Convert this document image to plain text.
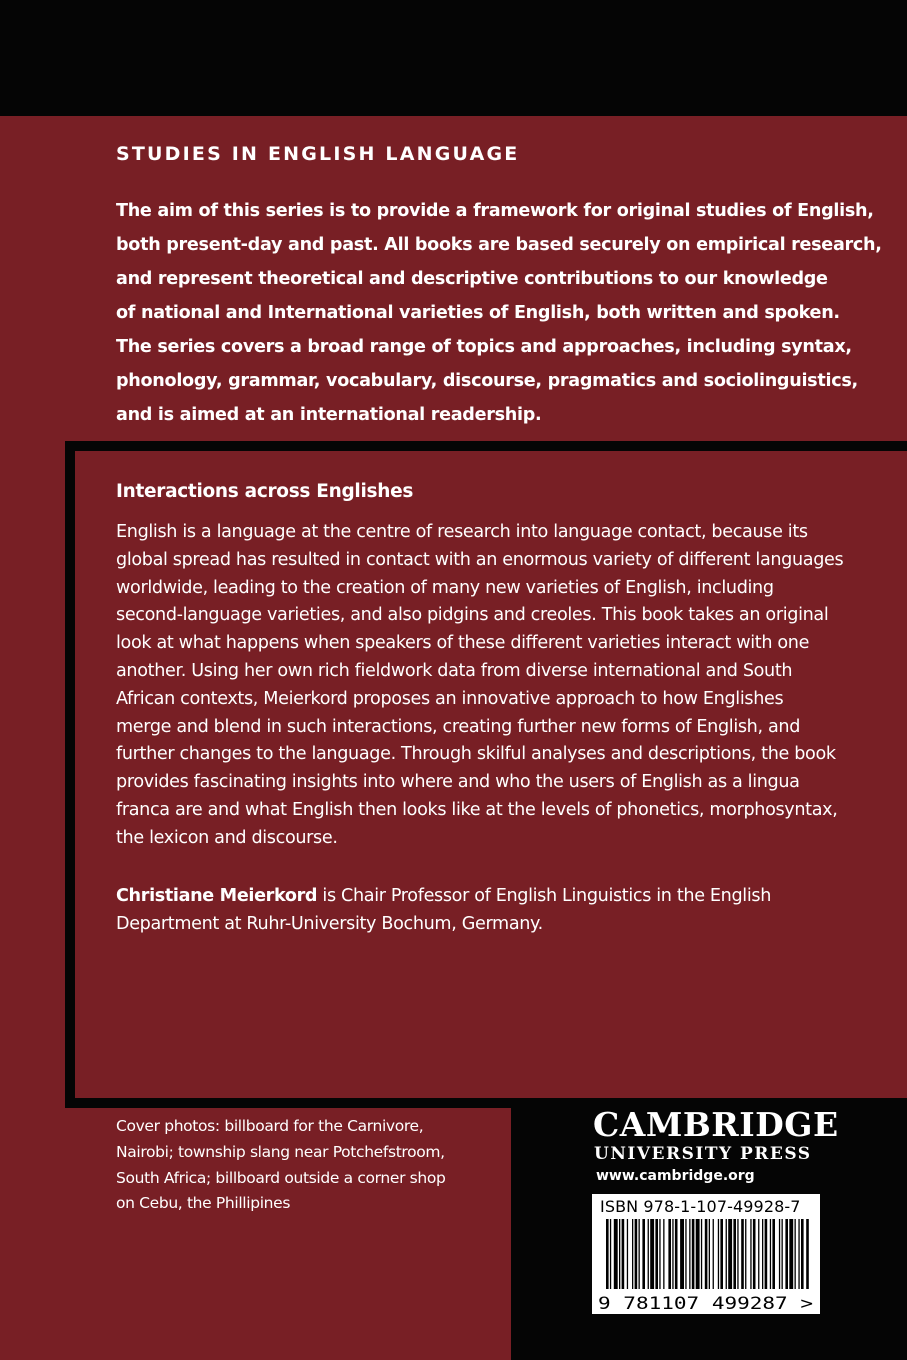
STUDIES IN ENGLISH LANGUAGE
The aim of this series is to provide a framework for original studies of English,
both present-day and past. All books are based securely on empirical research,
and represent theoretical and descriptive contributions to our knowledge
of national and International varieties of English, both written and spoken.
The series covers a broad range of topics and approaches, including syntax,
phonology, grammar, vocabulary, discourse, pragmatics and sociolinguistics,
and is aimed at an international readership.
Interactions across Englishes
English is a language at the centre of research into language contact, because its
global spread has resulted in contact with an enormous variety of different languages
worldwide, leading to the creation of many new varieties of English, including
second-language varieties, and also pidgins and creoles. This book takes an original
look at what happens when speakers of these different varieties interact with one
another. Using her own rich fieldwork data from diverse international and South
African contexts, Meierkord proposes an innovative approach to how Englishes
merge and blend in such interactions, creating further new forms of English, and
further changes to the language. Through skilful analyses and descriptions, the book
provides fascinating insights into where and who the users of English as a lingua
franca are and what English then looks like at the levels of phonetics, morphosyntax,
the lexicon and discourse.
Christiane Meierkord is Chair Professor of English Linguistics in the English
Department at Ruhr-University Bochum, Germany.
Cover photos: billboard for the Carnivore,
Nairobi; township slang near Potchefstroom,
South Africa; billboard outside a corner shop
on Cebu, the Phillipines
CAMBRIDGE
UNIVERSITY PRESS
www.cambridge.org
ISBN 978-1-107-49928-7
9 781107 499287 >
